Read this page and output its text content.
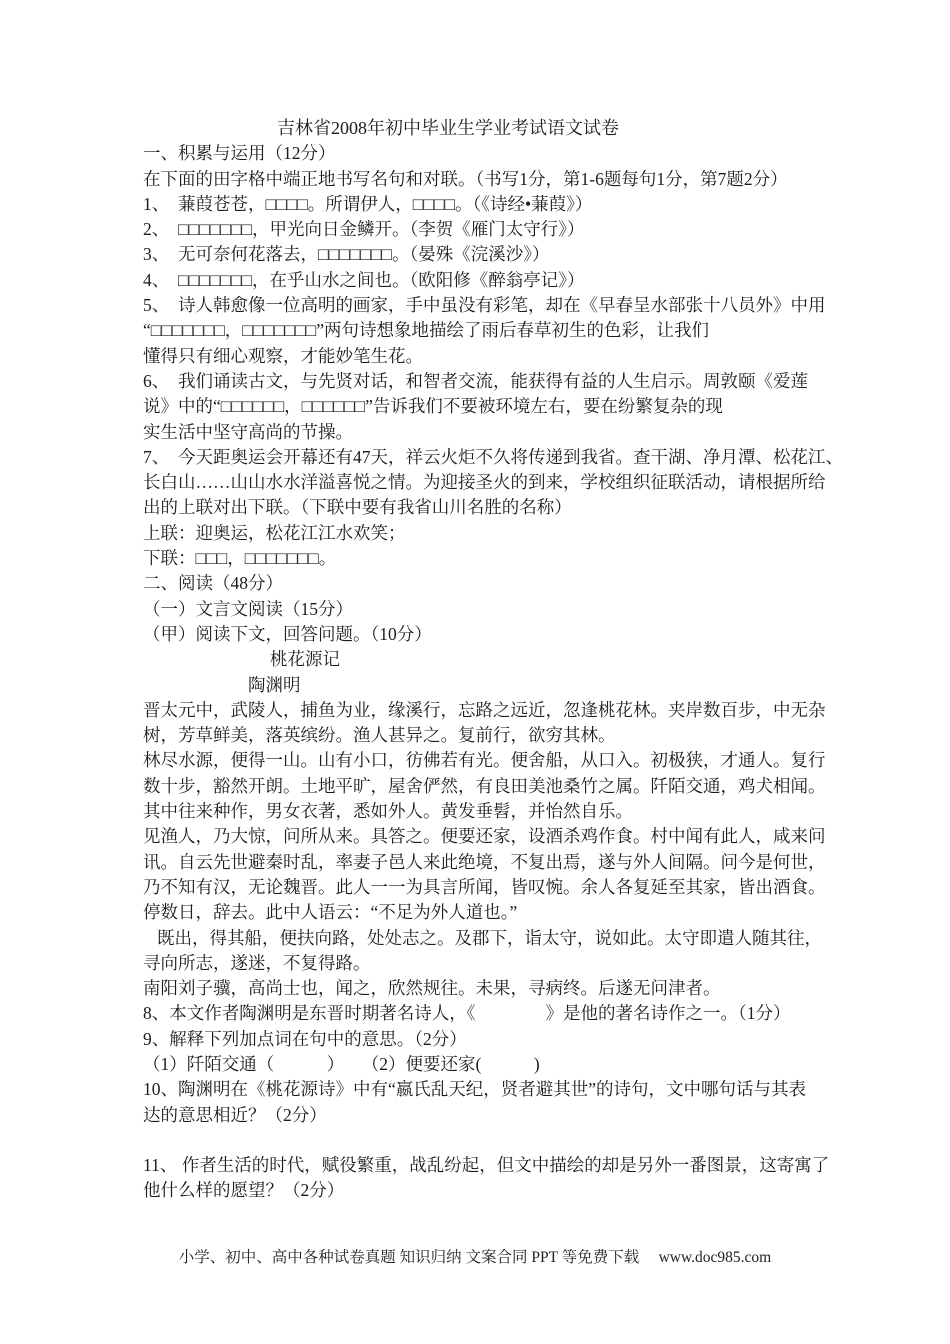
吉林省2008年初中毕业生学业考试语文试卷
一、积累与运用（12分）
在下面的田字格中端正地书写名句和对联。（书写1分，第1-6题每句1分，第7题2分）
1、　蒹葭苍苍，□□□□。所谓伊人，□□□□。（《诗经•蒹葭》）
2、　□□□□□□□，甲光向日金鳞开。（李贺《雁门太守行》）
3、　无可奈何花落去，□□□□□□□。（晏殊《浣溪沙》）
4、　□□□□□□□，在乎山水之间也。（欧阳修《醉翁亭记》）
5、　诗人韩愈像一位高明的画家，手中虽没有彩笔，却在《早春呈水部张十八员外》中用
“□□□□□□□，□□□□□□□”两句诗想象地描绘了雨后春草初生的色彩，让我们
懂得只有细心观察，才能妙笔生花。
6、　我们诵读古文，与先贤对话，和智者交流，能获得有益的人生启示。周敦颐《爱莲
说》中的“□□□□□□，□□□□□□”告诉我们不要被环境左右，要在纷繁复杂的现
实生活中坚守高尚的节操。
7、　今天距奥运会开幕还有47天，祥云火炬不久将传递到我省。查干湖、净月潭、松花江、
长白山……山山水水洋溢喜悦之情。为迎接圣火的到来，学校组织征联活动，请根据所给
出的上联对出下联。（下联中要有我省山川名胜的名称）
上联：迎奥运，松花江江水欢笑；
下联：□□□，□□□□□□□。
二、阅读（48分）
（一）文言文阅读（15分）
（甲）阅读下文，回答问题。（10分）
桃花源记
陶渊明
晋太元中，武陵人，捕鱼为业，缘溪行，忘路之远近，忽逢桃花林。夹岸数百步，中无杂
树，芳草鲜美，落英缤纷。渔人甚异之。复前行，欲穷其林。
林尽水源，便得一山。山有小口，彷佛若有光。便舍船，从口入。初极狭，才通人。复行
数十步，豁然开朗。土地平旷，屋舍俨然，有良田美池桑竹之属。阡陌交通，鸡犬相闻。
其中往来种作，男女衣著，悉如外人。黄发垂髫，并怡然自乐。
见渔人，乃大惊，问所从来。具答之。便要还家，设酒杀鸡作食。村中闻有此人，咸来问
讯。自云先世避秦时乱，率妻子邑人来此绝境，不复出焉，遂与外人间隔。问今是何世，
乃不知有汉，无论魏晋。此人一一为具言所闻，皆叹惋。余人各复延至其家，皆出酒食。
停数日，辞去。此中人语云：“不足为外人道也。”
既出，得其船，便扶向路，处处志之。及郡下，诣太守，说如此。太守即遣人随其往，
寻向所志，遂迷，不复得路。
南阳刘子骥，高尚士也，闻之，欣然规往。未果，寻病终。后遂无问津者。
8、本文作者陶渊明是东晋时期著名诗人，《　　　　》是他的著名诗作之一。（1分）
9、解释下列加点词在句中的意思。（2分）
（1）阡陌交通（　　　）　　（2）便要还家(　　　)
10、陶渊明在《桃花源诗》中有“嬴氏乱天纪，贤者避其世”的诗句，文中哪句话与其表
达的意思相近？（2分）

11、 作者生活的时代，赋役繁重，战乱纷起，但文中描绘的却是另外一番图景，这寄寓了
他什么样的愿望？（2分）
小学、初中、高中各种试卷真题 知识归纳 文案合同 PPT 等免费下载　 www.doc985.com
